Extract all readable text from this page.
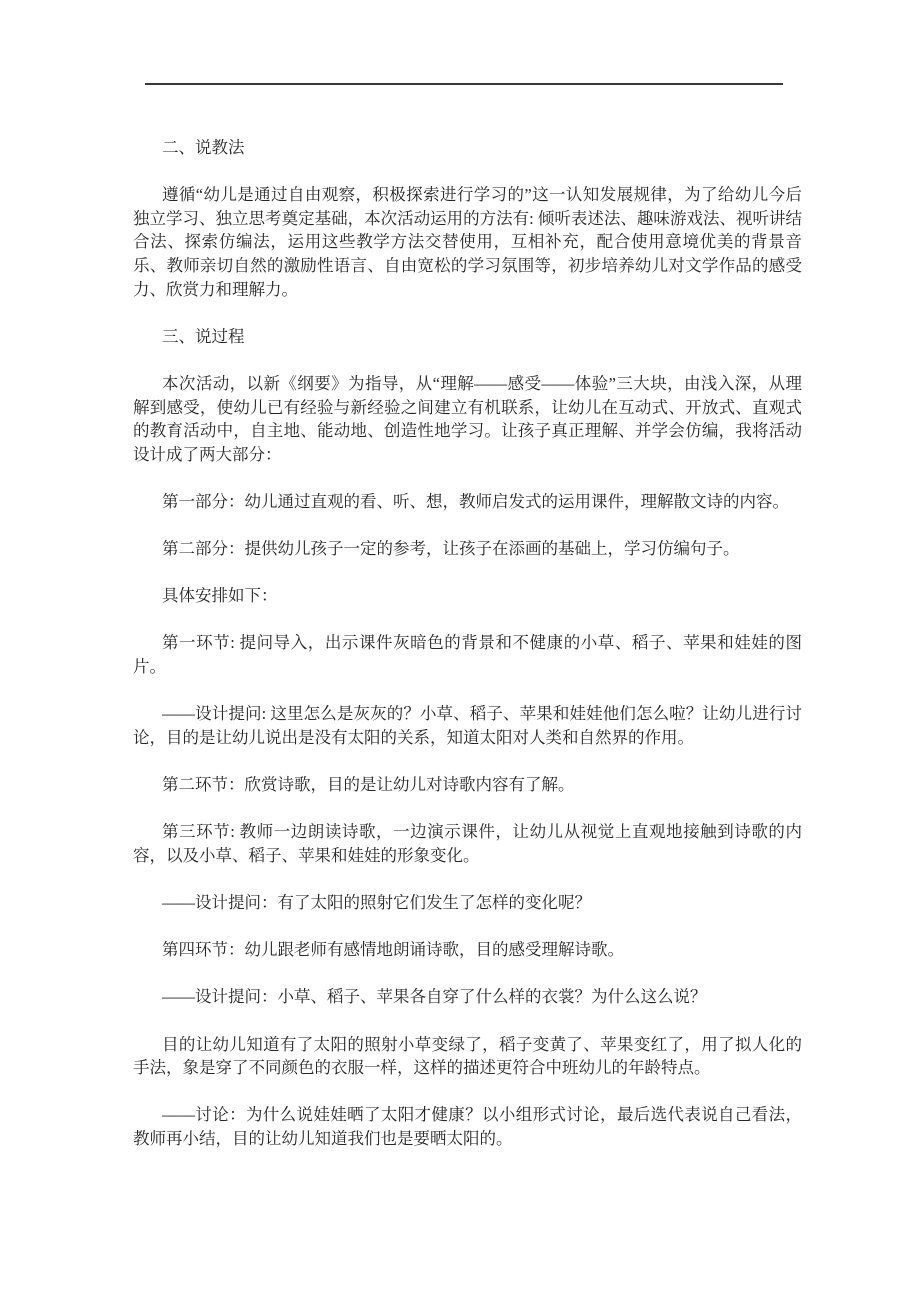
二、说教法

遵循“幼儿是通过自由观察，积极探索进行学习的”这一认知发展规律，为了给幼儿今后独立学习、独立思考奠定基础，本次活动运用的方法有: 倾听表述法、趣味游戏法、视听讲结合法、探索仿编法，运用这些教学方法交替使用，互相补充，配合使用意境优美的背景音乐、教师亲切自然的激励性语言、自由宽松的学习氛围等，初步培养幼儿对文学作品的感受力、欣赏力和理解力。

三、说过程

本次活动，以新《纲要》为指导，从“理解——感受——体验”三大块，由浅入深，从理解到感受，使幼儿已有经验与新经验之间建立有机联系，让幼儿在互动式、开放式、直观式的教育活动中，自主地、能动地、创造性地学习。让孩子真正理解、并学会仿编，我将活动设计成了两大部分：

第一部分：幼儿通过直观的看、听、想，教师启发式的运用课件，理解散文诗的内容。

第二部分：提供幼儿孩子一定的参考，让孩子在添画的基础上，学习仿编句子。

具体安排如下：

第一环节: 提问导入，出示课件灰暗色的背景和不健康的小草、稻子、苹果和娃娃的图片。

——设计提问: 这里怎么是灰灰的？小草、稻子、苹果和娃娃他们怎么啦？让幼儿进行讨论，目的是让幼儿说出是没有太阳的关系，知道太阳对人类和自然界的作用。

第二环节：欣赏诗歌，目的是让幼儿对诗歌内容有了解。

第三环节: 教师一边朗读诗歌，一边演示课件，让幼儿从视觉上直观地接触到诗歌的内容，以及小草、稻子、苹果和娃娃的形象变化。

——设计提问：有了太阳的照射它们发生了怎样的变化呢？

第四环节：幼儿跟老师有感情地朗诵诗歌，目的感受理解诗歌。

——设计提问：小草、稻子、苹果各自穿了什么样的衣裳？为什么这么说？

目的让幼儿知道有了太阳的照射小草变绿了，稻子变黄了、苹果变红了，用了拟人化的手法，象是穿了不同颜色的衣服一样，这样的描述更符合中班幼儿的年龄特点。

——讨论：为什么说娃娃晒了太阳才健康？以小组形式讨论，最后选代表说自己看法，教师再小结，目的让幼儿知道我们也是要晒太阳的。
